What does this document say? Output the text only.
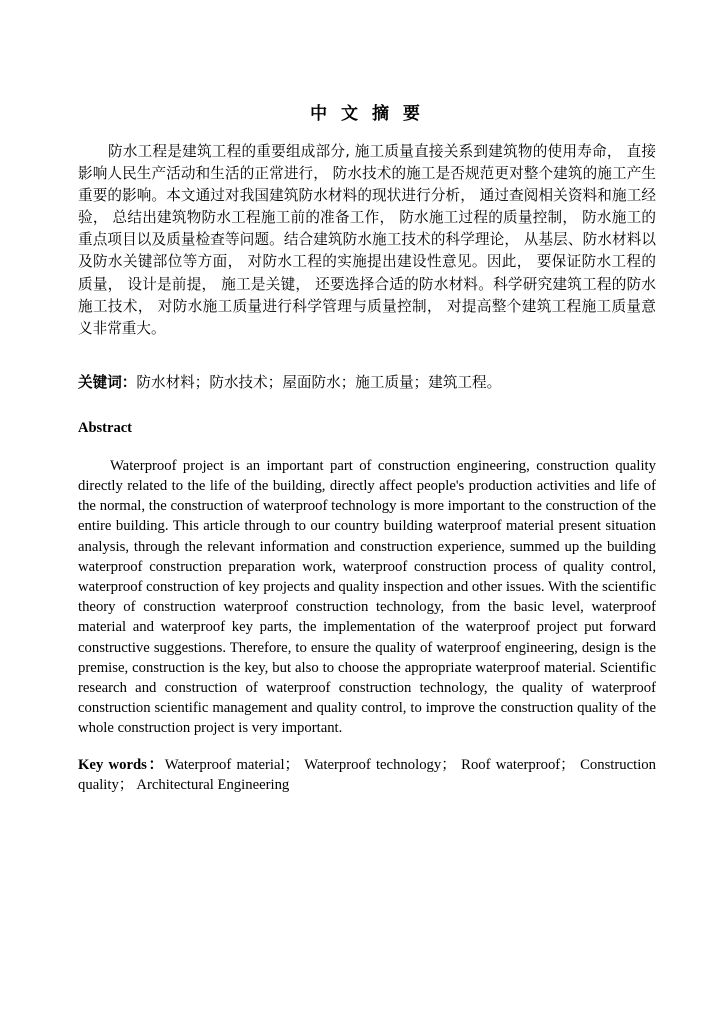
中 文 摘 要

防水工程是建筑工程的重要组成部分, 施工质量直接关系到建筑物的使用寿命， 直接影响人民生产活动和生活的正常进行， 防水技术的施工是否规范更对整个建筑的施工产生重要的影响。本文通过对我国建筑防水材料的现状进行分析， 通过查阅相关资料和施工经验， 总结出建筑物防水工程施工前的准备工作， 防水施工过程的质量控制， 防水施工的重点项目以及质量检查等问题。结合建筑防水施工技术的科学理论， 从基层、防水材料以及防水关键部位等方面， 对防水工程的实施提出建设性意见。因此， 要保证防水工程的质量， 设计是前提， 施工是关键， 还要选择合适的防水材料。科学研究建筑工程的防水施工技术， 对防水施工质量进行科学管理与质量控制， 对提高整个建筑工程施工质量意义非常重大。

关键词：防水材料；防水技术；屋面防水；施工质量；建筑工程。

Abstract

Waterproof project is an important part of construction engineering, construction quality directly related to the life of the building, directly affect people's production activities and life of the normal, the construction of waterproof technology is more important to the construction of the entire building. This article through to our country building waterproof material present situation analysis, through the relevant information and construction experience, summed up the building waterproof construction preparation work, waterproof construction process of quality control, waterproof construction of key projects and quality inspection and other issues. With the scientific theory of construction waterproof construction technology, from the basic level, waterproof material and waterproof key parts, the implementation of the waterproof project put forward constructive suggestions. Therefore, to ensure the quality of waterproof engineering, design is the premise, construction is the key, but also to choose the appropriate waterproof material. Scientific research and construction of waterproof construction technology, the quality of waterproof construction scientific management and quality control, to improve the construction quality of the whole construction project is very important.

Key words：Waterproof material； Waterproof technology； Roof waterproof； Construction quality； Architectural Engineering
